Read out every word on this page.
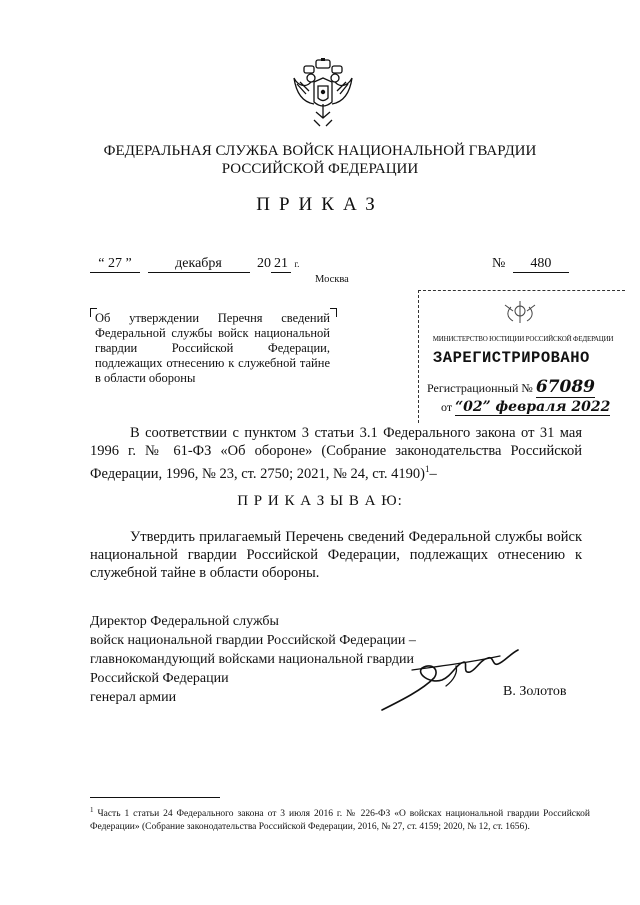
ФЕДЕРАЛЬНАЯ СЛУЖБА ВОЙСК НАЦИОНАЛЬНОЙ ГВАРДИИ
РОССИЙСКОЙ ФЕДЕРАЦИИ
ПРИКАЗ
“ 27 ”	декабря	20 21 г.	№ 480
Москва
Об утверждении Перечня сведений Федеральной службы войск национальной гвардии Российской Федерации, подлежащих отнесению к служебной тайне в области обороны
МИНИСТЕРСТВО ЮСТИЦИИ РОССИЙСКОЙ ФЕДЕРАЦИИ
ЗАРЕГИСТРИРОВАНО
Регистрационный № 67089
от “02” февраля 2022
В соответствии с пунктом 3 статьи 3.1 Федерального закона от 31 мая 1996 г. № 61-ФЗ «Об обороне» (Собрание законодательства Российской Федерации, 1996, № 23, ст. 2750; 2021, № 24, ст. 4190)$^1$–
П Р И К А З Ы В А Ю:
Утвердить прилагаемый Перечень сведений Федеральной службы войск национальной гвардии Российской Федерации, подлежащих отнесению к служебной тайне в области обороны.
Директор Федеральной службы
войск национальной гвардии Российской Федерации –
главнокомандующий войсками национальной гвардии
Российской Федерации
генерал армии	В. Золотов
$^1$ Часть 1 статьи 24 Федерального закона от 3 июля 2016 г. № 226-ФЗ «О войсках национальной гвардии Российской Федерации» (Собрание законодательства Российской Федерации, 2016, № 27, ст. 4159; 2020, № 12, ст. 1656).
